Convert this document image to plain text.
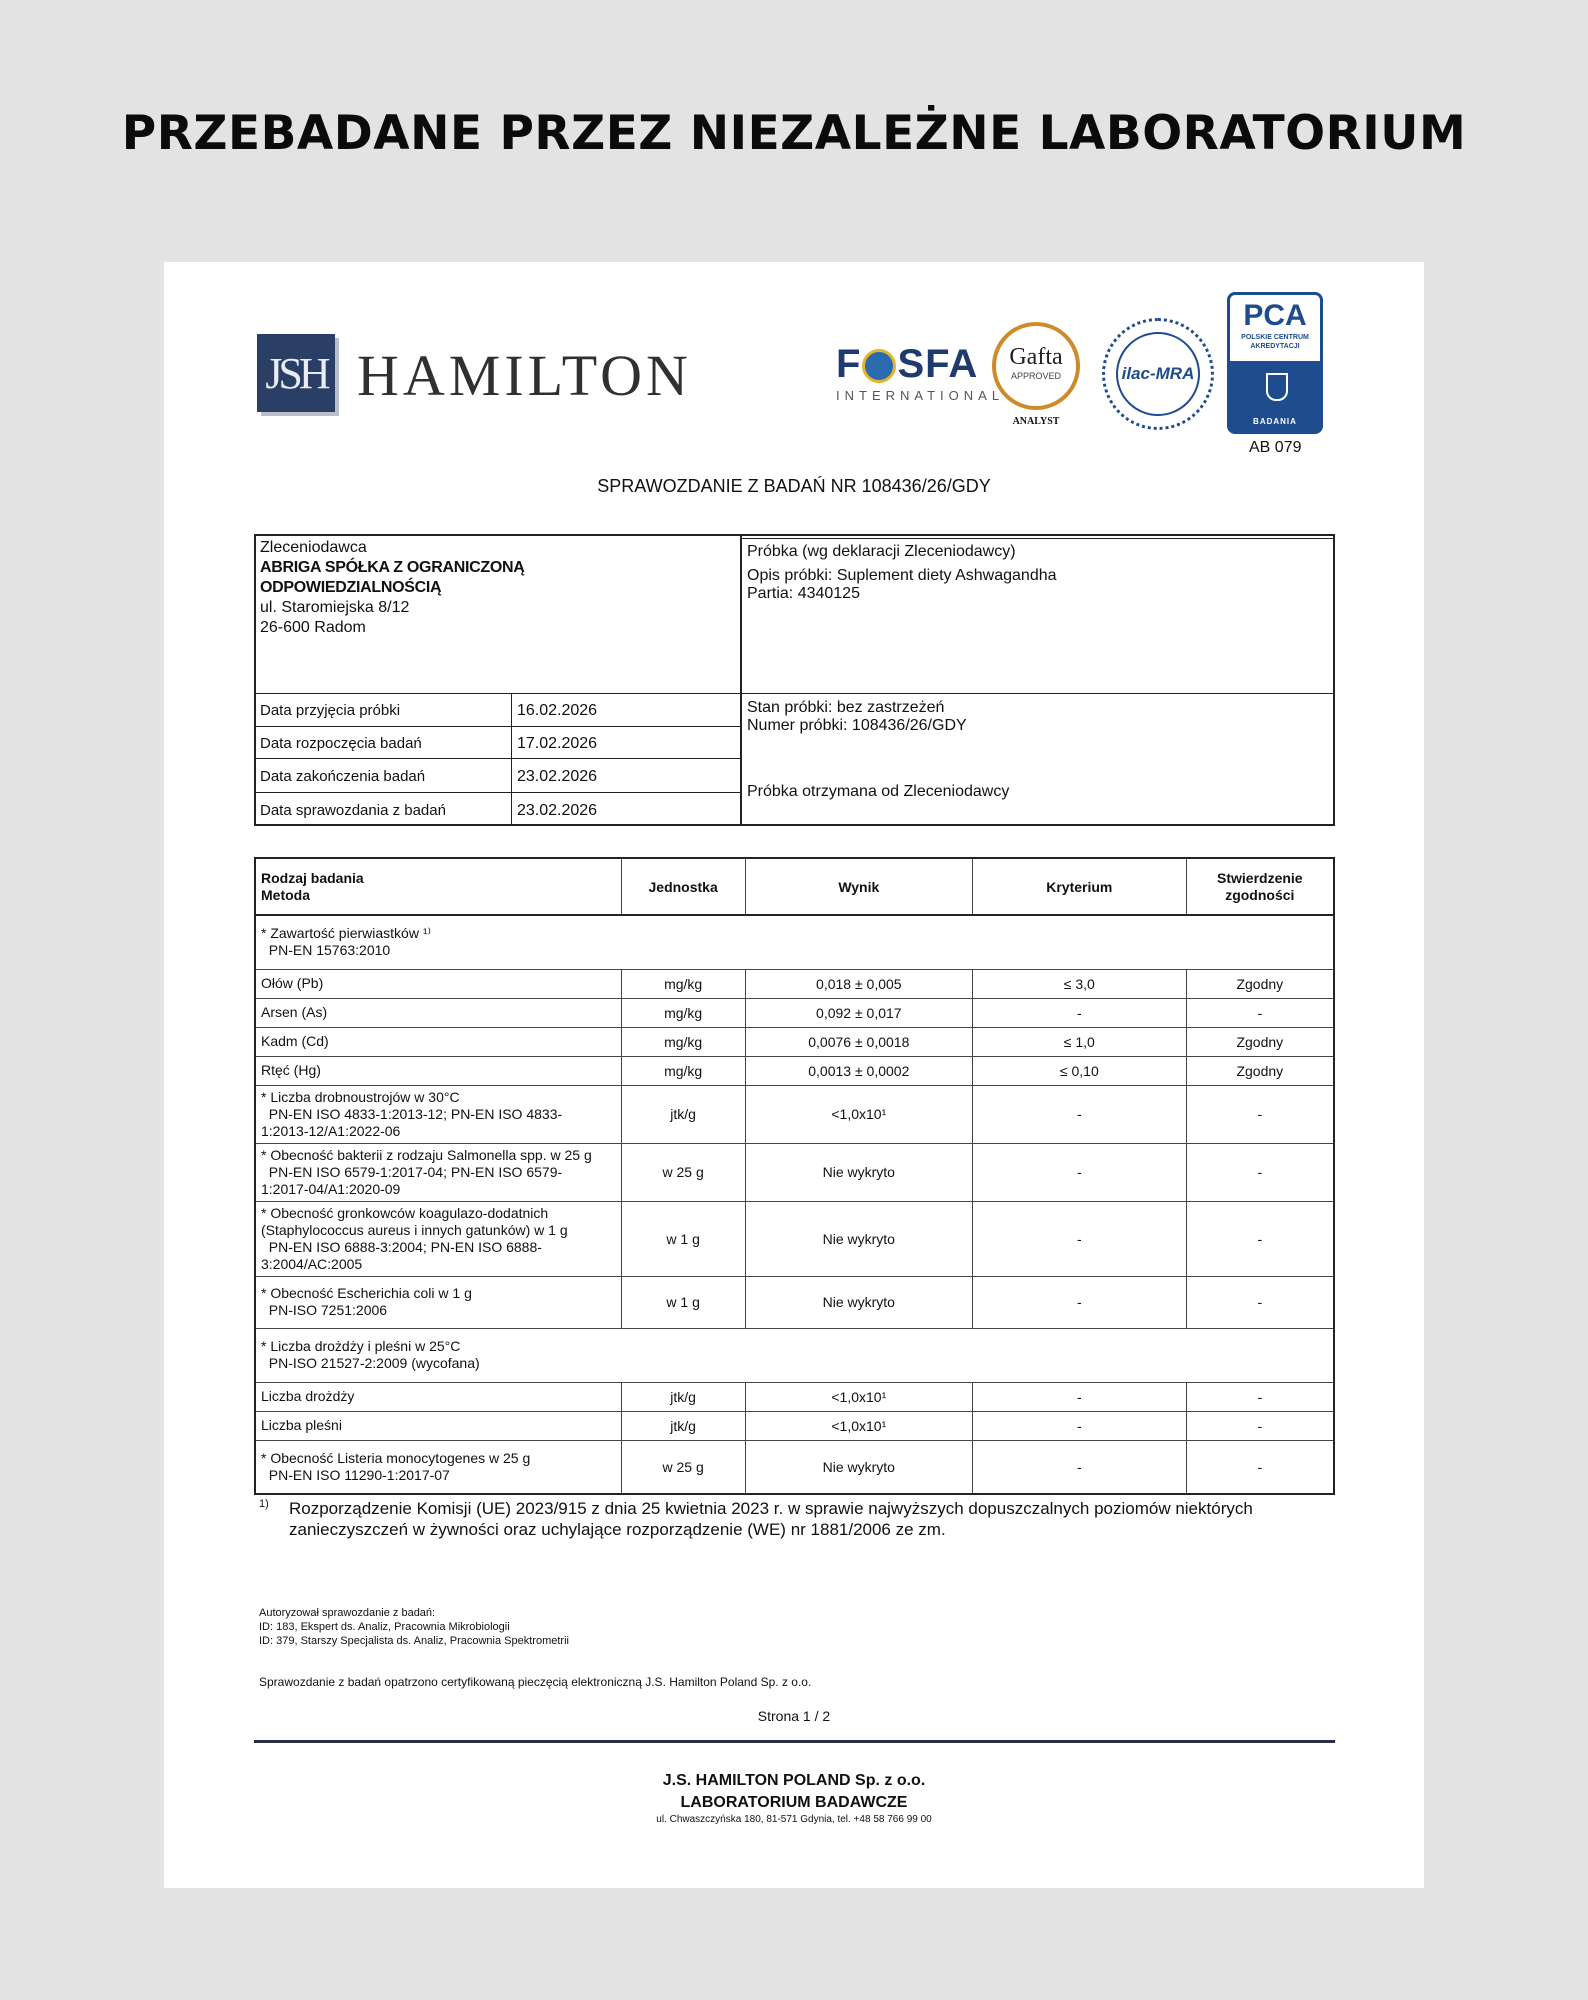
PRZEBADANE PRZEZ NIEZALEŻNE LABORATORIUM
JSH HAMILTON	F SFA
INTERNATIONAL
Gafta
APPROVED
ANALYST
ilac-MRA
PCA
POLSKIE CENTRUM
AKREDYTACJI
BADANIA
AB 079
SPRAWOZDANIE Z BADAŃ NR 108436/26/GDY
Zleceniodawca
ABRIGA SPÓŁKA Z OGRANICZONĄ
ODPOWIEDZIALNOŚCIĄ
ul. Staromiejska 8/12
26-600 Radom
Próbka (wg deklaracji Zleceniodawcy)
Opis próbki: Suplement diety Ashwagandha
Partia: 4340125
Stan próbki: bez zastrzeżeń
Numer próbki: 108436/26/GDY
Próbka otrzymana od Zleceniodawcy
Data przyjęcia próbki	16.02.2026
Data rozpoczęcia badań	17.02.2026
Data zakończenia badań	23.02.2026
Data sprawozdania z badań	23.02.2026
Rodzaj badania
Metoda	Jednostka	Wynik	Kryterium	Stwierdzenie
zgodności
* Zawartość pierwiastków ¹⁾
PN-EN 15763:2010				
Ołów (Pb)	mg/kg	0,018 ± 0,005	≤ 3,0	Zgodny
Arsen (As)	mg/kg	0,092 ± 0,017	-	-
Kadm (Cd)	mg/kg	0,0076 ± 0,0018	≤ 1,0	Zgodny
Rtęć (Hg)	mg/kg	0,0013 ± 0,0002	≤ 0,10	Zgodny
* Liczba drobnoustrojów w 30°C
PN-EN ISO 4833-1:2013-12; PN-EN ISO 4833-
1:2013-12/A1:2022-06	jtk/g	<1,0x10¹	-	-
* Obecność bakterii z rodzaju Salmonella spp. w 25 g
PN-EN ISO 6579-1:2017-04; PN-EN ISO 6579-
1:2017-04/A1:2020-09	w 25 g	Nie wykryto	-	-
* Obecność gronkowców koagulazo-dodatnich
(Staphylococcus aureus i innych gatunków) w 1 g
PN-EN ISO 6888-3:2004; PN-EN ISO 6888-
3:2004/AC:2005	w 1 g	Nie wykryto	-	-
* Obecność Escherichia coli w 1 g
PN-ISO 7251:2006	w 1 g	Nie wykryto	-	-
* Liczba drożdży i pleśni w 25°C
PN-ISO 21527-2:2009 (wycofana)				
Liczba drożdży	jtk/g	<1,0x10¹	-	-
Liczba pleśni	jtk/g	<1,0x10¹	-	-
* Obecność Listeria monocytogenes w 25 g
PN-EN ISO 11290-1:2017-07	w 25 g	Nie wykryto	-	-
1) Rozporządzenie Komisji (UE) 2023/915 z dnia 25 kwietnia 2023 r. w sprawie najwyższych dopuszczalnych poziomów niektórych zanieczyszczeń w żywności oraz uchylające rozporządzenie (WE) nr 1881/2006 ze zm.
Autoryzował sprawozdanie z badań:
ID: 183, Ekspert ds. Analiz, Pracownia Mikrobiologii
ID: 379, Starszy Specjalista ds. Analiz, Pracownia Spektrometrii
Sprawozdanie z badań opatrzono certyfikowaną pieczęcią elektroniczną J.S. Hamilton Poland Sp. z o.o.
Strona 1 / 2
J.S. HAMILTON POLAND Sp. z o.o.
LABORATORIUM BADAWCZE
ul. Chwaszczyńska 180, 81-571 Gdynia, tel. +48 58 766 99 00
